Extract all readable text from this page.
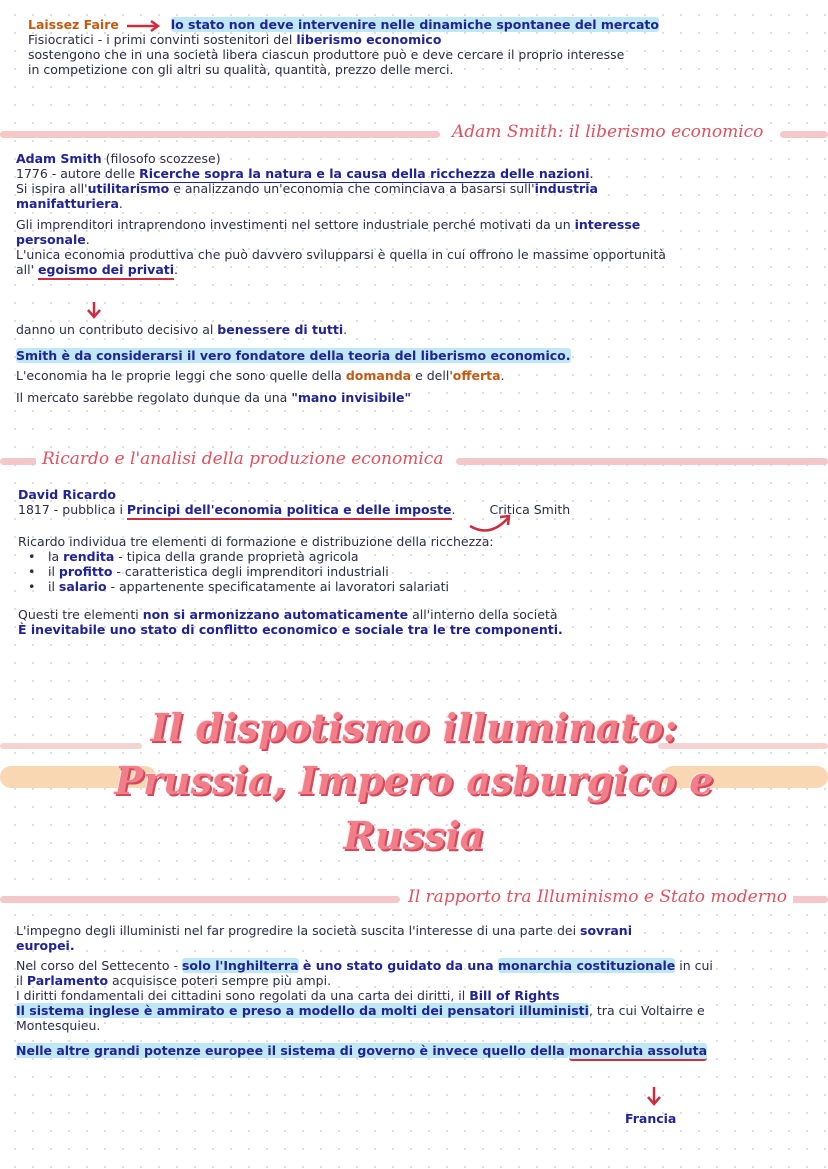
Laissez Faire	lo stato non deve intervenire nelle dinamiche spontanee del mercato
Fisiocratici - i primi convinti sostenitori del liberismo economico
sostengono che in una società libera ciascun produttore può e deve cercare il proprio interesse
in competizione con gli altri su qualità, quantità, prezzo delle merci.
Adam Smith: il liberismo economico
Adam Smith (filosofo scozzese)
1776 - autore delle Ricerche sopra la natura e la causa della ricchezza delle nazioni.
Si ispira all'utilitarismo e analizzando un'economia che cominciava a basarsi sull'industria
manifatturiera.
Gli imprenditori intraprendono investimenti nel settore industriale perché motivati da un interesse
personale.
L'unica economia produttiva che può davvero svilupparsi è quella in cui offrono le massime opportunità
all' egoismo dei privati.
danno un contributo decisivo al benessere di tutti.
Smith è da considerarsi il vero fondatore della teoria del liberismo economico.
L'economia ha le proprie leggi che sono quelle della domanda e dell'offerta.
Il mercato sarebbe regolato dunque da una "mano invisibile"
Ricardo e l'analisi della produzione economica
David Ricardo
1817 - pubblica i Principi dell'economia politica e delle imposte.	Critica Smith
Ricardo individua tre elementi di formazione e distribuzione della ricchezza:
• la rendita - tipica della grande proprietà agricola
• il profitto - caratteristica degli imprenditori industriali
• il salario - appartenente specificatamente ai lavoratori salariati
Questi tre elementi non si armonizzano automaticamente all'interno della società
È inevitabile uno stato di conflitto economico e sociale tra le tre componenti.
Il dispotismo illuminato:
Prussia, Impero asburgico e
Russia
Il rapporto tra Illuminismo e Stato moderno
L'impegno degli illuministi nel far progredire la società suscita l'interesse di una parte dei sovrani
europei.
Nel corso del Settecento - solo l'Inghilterra è uno stato guidato da una monarchia costituzionale in cui
il Parlamento acquisisce poteri sempre più ampi.
I diritti fondamentali dei cittadini sono regolati da una carta dei diritti, il Bill of Rights
Il sistema inglese è ammirato e preso a modello da molti dei pensatori illuministi, tra cui Voltairre e
Montesquieu.
Nelle altre grandi potenze europee il sistema di governo è invece quello della monarchia assoluta
Francia
